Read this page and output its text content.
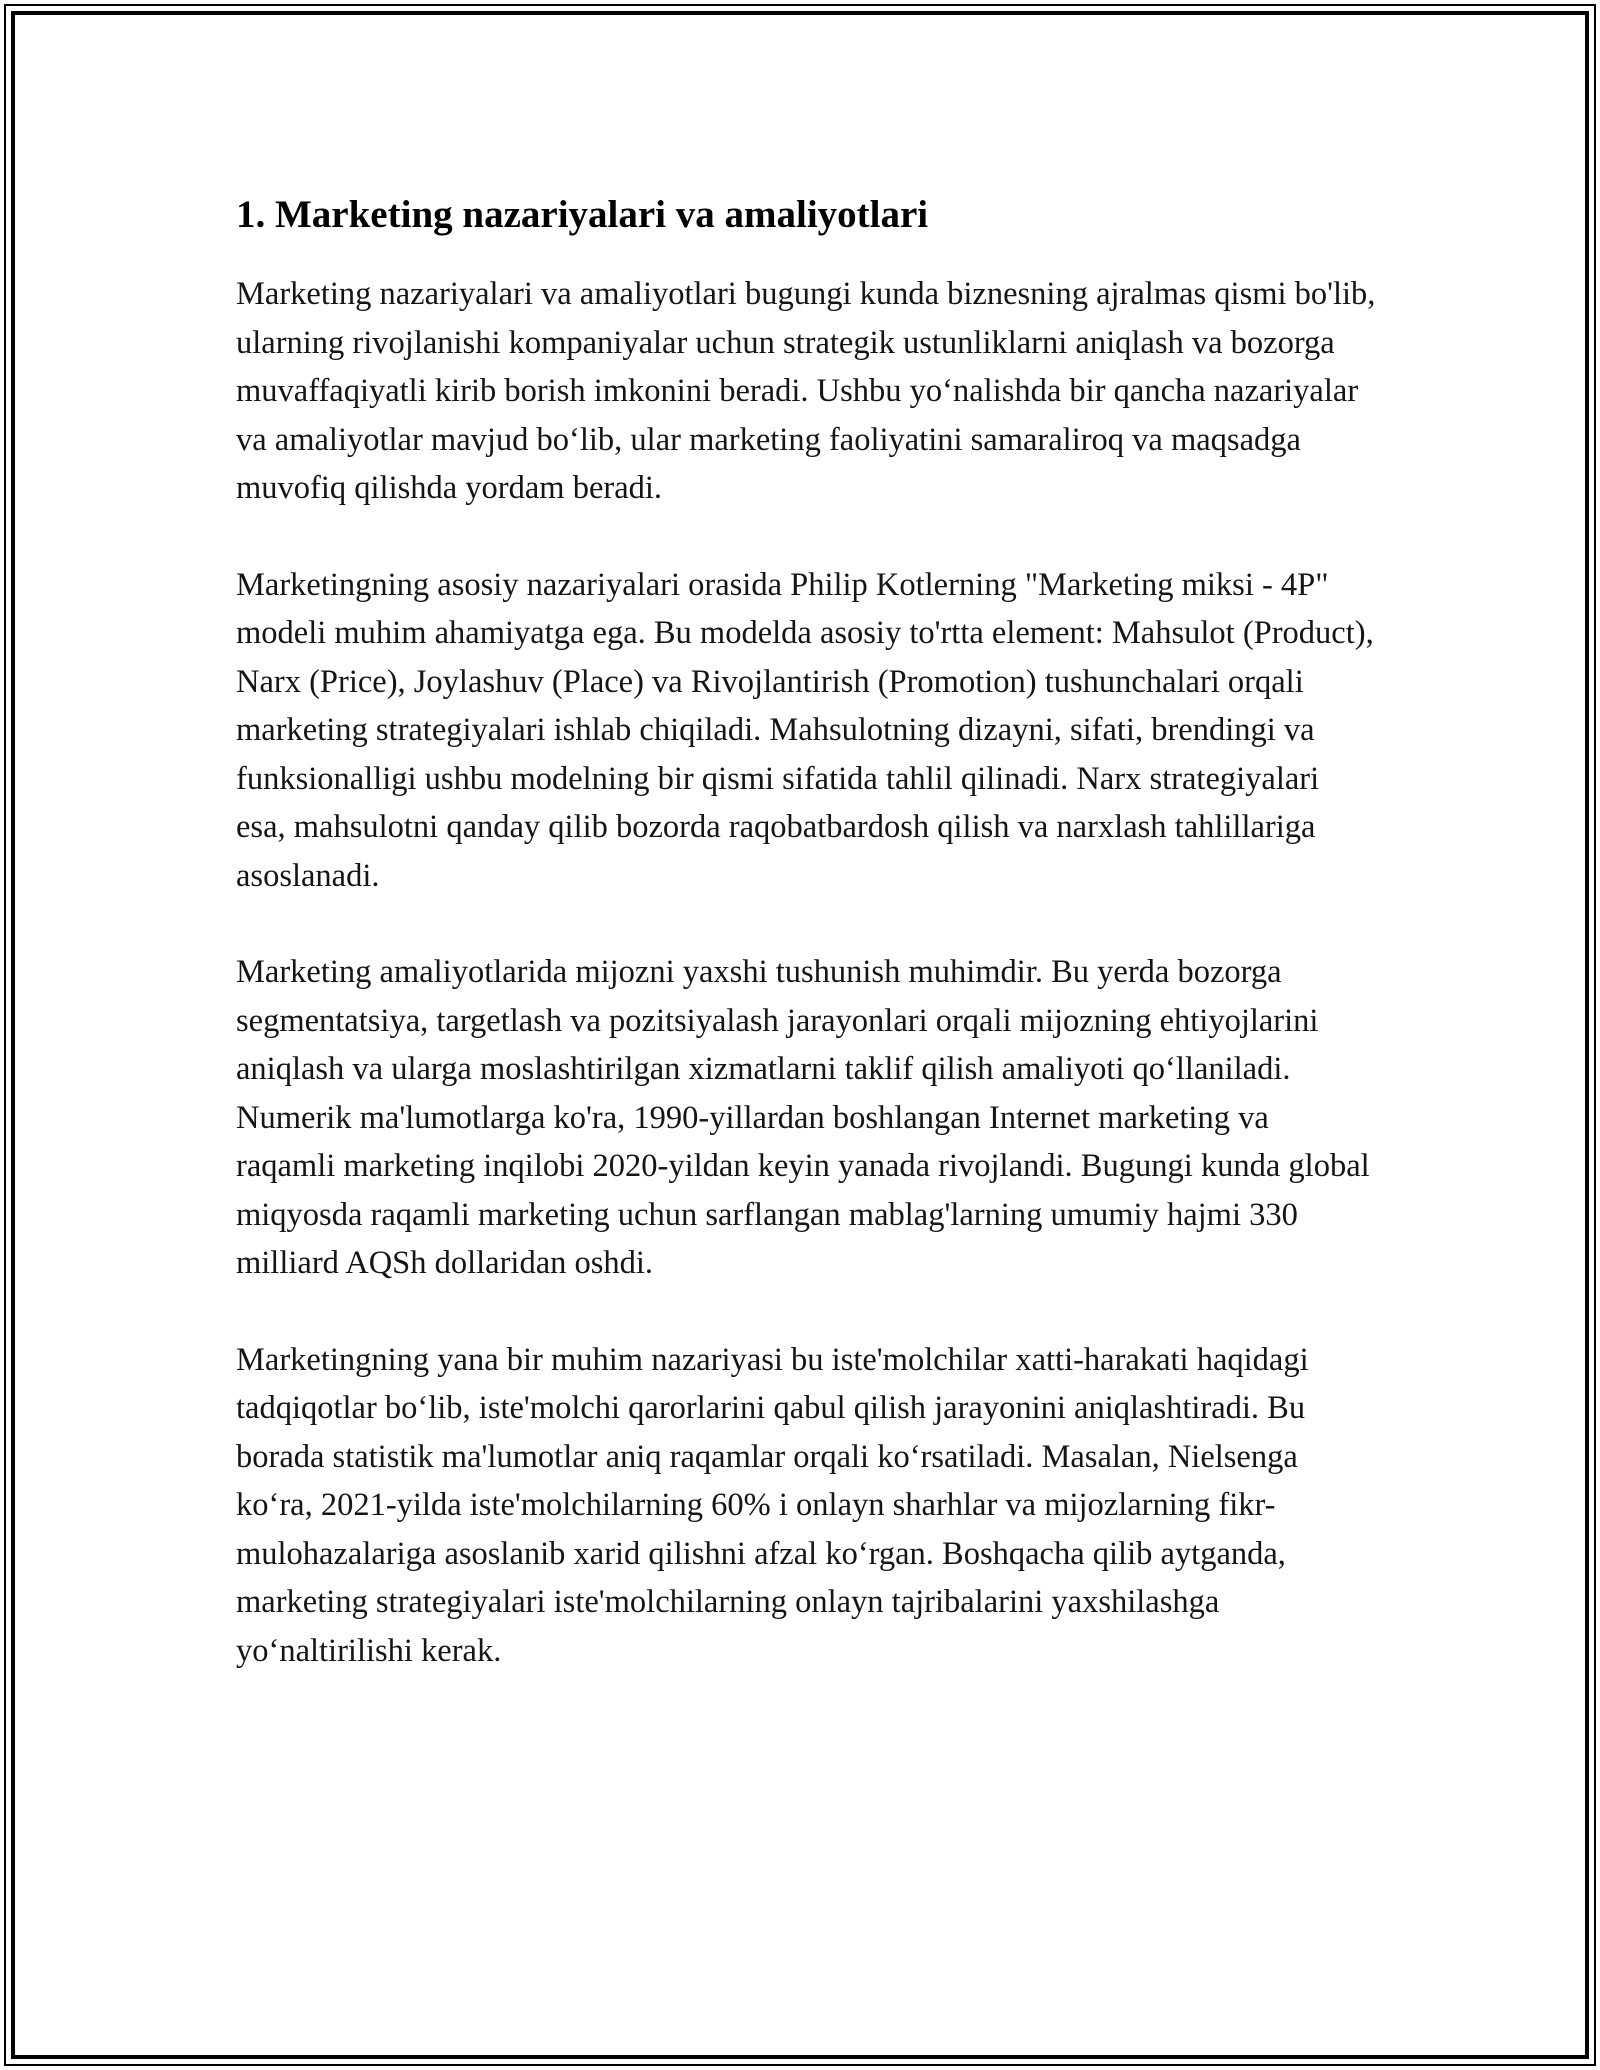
1. Marketing nazariyalari va amaliyotlari

Marketing nazariyalari va amaliyotlari bugungi kunda biznesning ajralmas qismi bo'lib, ularning rivojlanishi kompaniyalar uchun strategik ustunliklarni aniqlash va bozorga muvaffaqiyatli kirib borish imkonini beradi. Ushbu yo‘nalishda bir qancha nazariyalar va amaliyotlar mavjud bo‘lib, ular marketing faoliyatini samaraliroq va maqsadga muvofiq qilishda yordam beradi.

Marketingning asosiy nazariyalari orasida Philip Kotlerning "Marketing miksi - 4P" modeli muhim ahamiyatga ega. Bu modelda asosiy to'rtta element: Mahsulot (Product), Narx (Price), Joylashuv (Place) va Rivojlantirish (Promotion) tushunchalari orqali marketing strategiyalari ishlab chiqiladi. Mahsulotning dizayni, sifati, brendingi va funksionalligi ushbu modelning bir qismi sifatida tahlil qilinadi. Narx strategiyalari esa, mahsulotni qanday qilib bozorda raqobatbardosh qilish va narxlash tahlillariga asoslanadi.

Marketing amaliyotlarida mijozni yaxshi tushunish muhimdir. Bu yerda bozorga segmentatsiya, targetlash va pozitsiyalash jarayonlari orqali mijozning ehtiyojlarini aniqlash va ularga moslashtirilgan xizmatlarni taklif qilish amaliyoti qo‘llaniladi. Numerik ma'lumotlarga ko'ra, 1990-yillardan boshlangan Internet marketing va raqamli marketing inqilobi 2020-yildan keyin yanada rivojlandi. Bugungi kunda global miqyosda raqamli marketing uchun sarflangan mablag'larning umumiy hajmi 330 milliard AQSh dollaridan oshdi.

Marketingning yana bir muhim nazariyasi bu iste'molchilar xatti-harakati haqidagi tadqiqotlar bo‘lib, iste'molchi qarorlarini qabul qilish jarayonini aniqlashtiradi. Bu borada statistik ma'lumotlar aniq raqamlar orqali ko‘rsatiladi. Masalan, Nielsenga ko‘ra, 2021-yilda iste'molchilarning 60% i onlayn sharhlar va mijozlarning fikr-mulohazalariga asoslanib xarid qilishni afzal ko‘rgan. Boshqacha qilib aytganda, marketing strategiyalari iste'molchilarning onlayn tajribalarini yaxshilashga yo‘naltirilishi kerak.
